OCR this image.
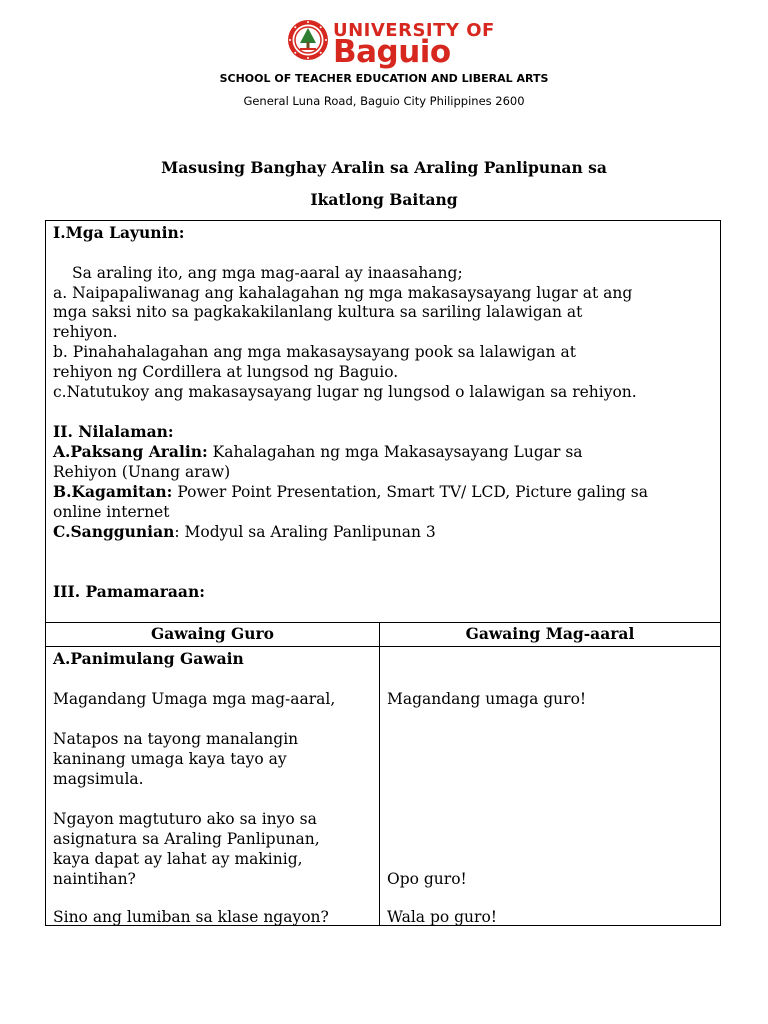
UNIVERSITY OF
Baguio
SCHOOL OF TEACHER EDUCATION AND LIBERAL ARTS
General Luna Road, Baguio City Philippines 2600
Masusing Banghay Aralin sa Araling Panlipunan sa
Ikatlong Baitang
I.Mga Layunin:
Sa araling ito, ang mga mag-aaral ay inaasahang;
a. Naipapaliwanag ang kahalagahan ng mga makasaysayang lugar at ang
mga saksi nito sa pagkakakilanlang kultura sa sariling lalawigan at
rehiyon.
b. Pinahahalagahan ang mga makasaysayang pook sa lalawigan at
rehiyon ng Cordillera at lungsod ng Baguio.
c.Natutukoy ang makasaysayang lugar ng lungsod o lalawigan sa rehiyon.
II. Nilalaman:
A.Paksang Aralin: Kahalagahan ng mga Makasaysayang Lugar sa
Rehiyon (Unang araw)
B.Kagamitan: Power Point Presentation, Smart TV/ LCD, Picture galing sa
online internet
C.Sanggunian: Modyul sa Araling Panlipunan 3
III. Pamamaraan:
Gawaing Guro	Gawaing Mag-aaral
A.Panimulang Gawain
Magandang Umaga mga mag-aaral,	Magandang umaga guro!
Natapos na tayong manalangin
kaninang umaga kaya tayo ay
magsimula.
Ngayon magtuturo ako sa inyo sa
asignatura sa Araling Panlipunan,
kaya dapat ay lahat ay makinig,
naintihan?	Opo guro!
Sino ang lumiban sa klase ngayon?	Wala po guro!
